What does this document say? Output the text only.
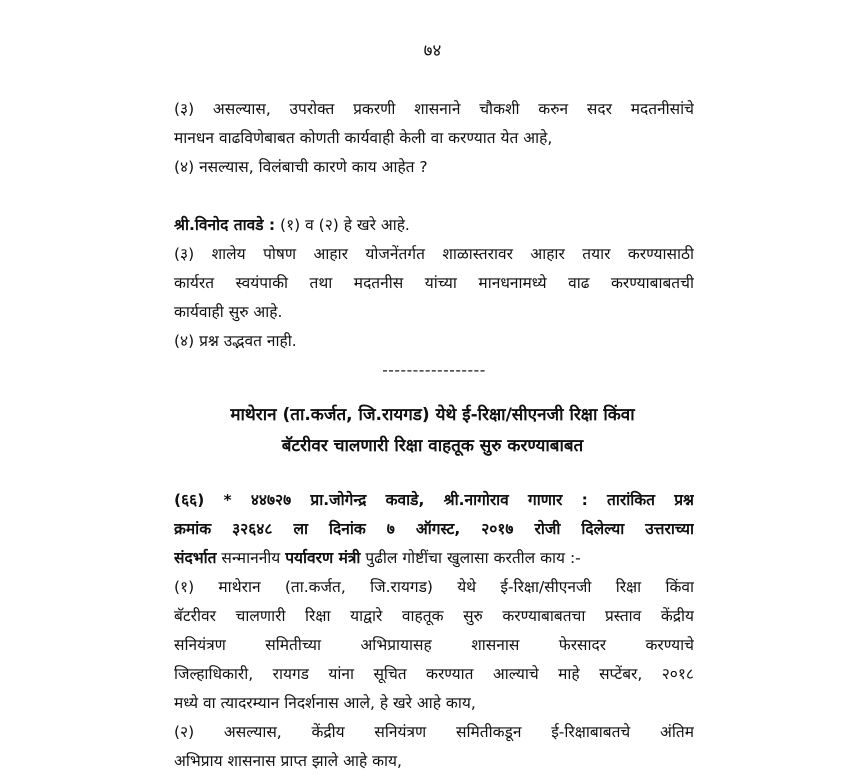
७४
(३) असल्यास, उपरोक्त प्रकरणी शासनाने चौकशी करुन सदर मदतनीसांचे
मानधन वाढविणेबाबत कोणती कार्यवाही केली वा करण्यात येत आहे,
(४) नसल्यास, विलंबाची कारणे काय आहेत ?
श्री.विनोद तावडे : (१) व (२) हे खरे आहे.
(३) शालेय पोषण आहार योजनेंतर्गत शाळास्तरावर आहार तयार करण्यासाठी
कार्यरत स्वयंपाकी तथा मदतनीस यांच्या मानधनामध्ये वाढ करण्याबाबतची
कार्यवाही सुरु आहे.
(४) प्रश्न उद्भवत नाही.
-----------------
माथेरान (ता.कर्जत, जि.रायगड) येथे ई-रिक्षा/सीएनजी रिक्षा किंवा
बॅटरीवर चालणारी रिक्षा वाहतूक सुरु करण्याबाबत
(६६) * ४४७२७ प्रा.जोगेन्द्र कवाडे, श्री.नागोराव गाणार : तारांकित प्रश्न
क्रमांक ३२६४८ ला दिनांक ७ ऑगस्ट, २०१७ रोजी दिलेल्या उत्तराच्या
संदर्भात सन्माननीय पर्यावरण मंत्री पुढील गोष्टींचा खुलासा करतील काय :-
(१) माथेरान (ता.कर्जत, जि.रायगड) येथे ई-रिक्षा/सीएनजी रिक्षा किंवा
बॅटरीवर चालणारी रिक्षा याद्वारे वाहतूक सुरु करण्याबाबतचा प्रस्ताव केंद्रीय
सनियंत्रण समितीच्या अभिप्रायासह शासनास फेरसादर करण्याचे
जिल्हाधिकारी, रायगड यांना सूचित करण्यात आल्याचे माहे सप्टेंबर, २०१८
मध्ये वा त्यादरम्यान निदर्शनास आले, हे खरे आहे काय,
(२) असल्यास, केंद्रीय सनियंत्रण समितीकडून ई-रिक्षाबाबतचे अंतिम
अभिप्राय शासनास प्राप्त झाले आहे काय,
